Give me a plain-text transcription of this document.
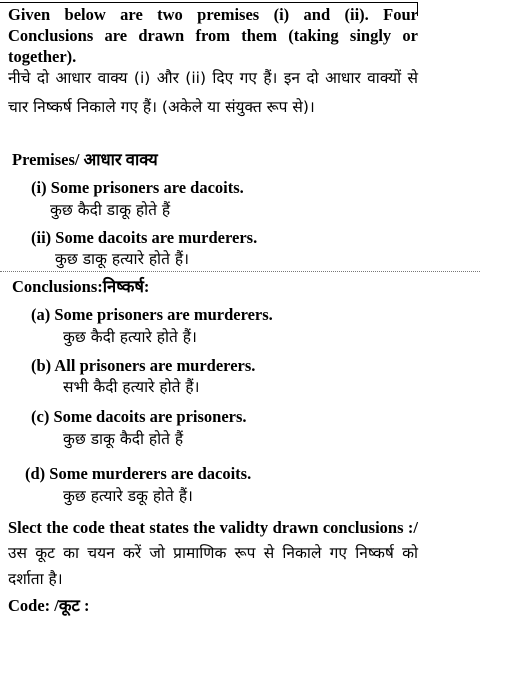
Given below are two premises (i) and (ii). Four Conclusions are drawn from them (taking singly or together).

नीचे दो आधार वाक्य (i) और (ii) दिए गए हैं। इन दो आधार वाक्यों से चार निष्कर्ष निकाले गए हैं। (अकेले या संयुक्त रूप से)।

Premises/ आधार वाक्य

(i) Some prisoners are dacoits.

कुछ कैदी डाकू होते हैं

(ii) Some dacoits are murderers.

कुछ डाकू हत्यारे होते हैं।

Conclusions:निष्कर्ष:

(a) Some prisoners are murderers.

कुछ कैदी हत्यारे होते हैं।

(b) All prisoners are murderers.

सभी कैदी हत्यारे होते हैं।

(c) Some dacoits are prisoners.

कुछ डाकू कैदी होते हैं

(d) Some murderers are dacoits.

कुछ हत्यारे डकू होते हैं।

Slect the code theat states the validty drawn conclusions :/उस कूट का चयन करें जो प्रामाणिक रूप से निकाले गए निष्कर्ष को दर्शाता है।

Code: /कूट :
